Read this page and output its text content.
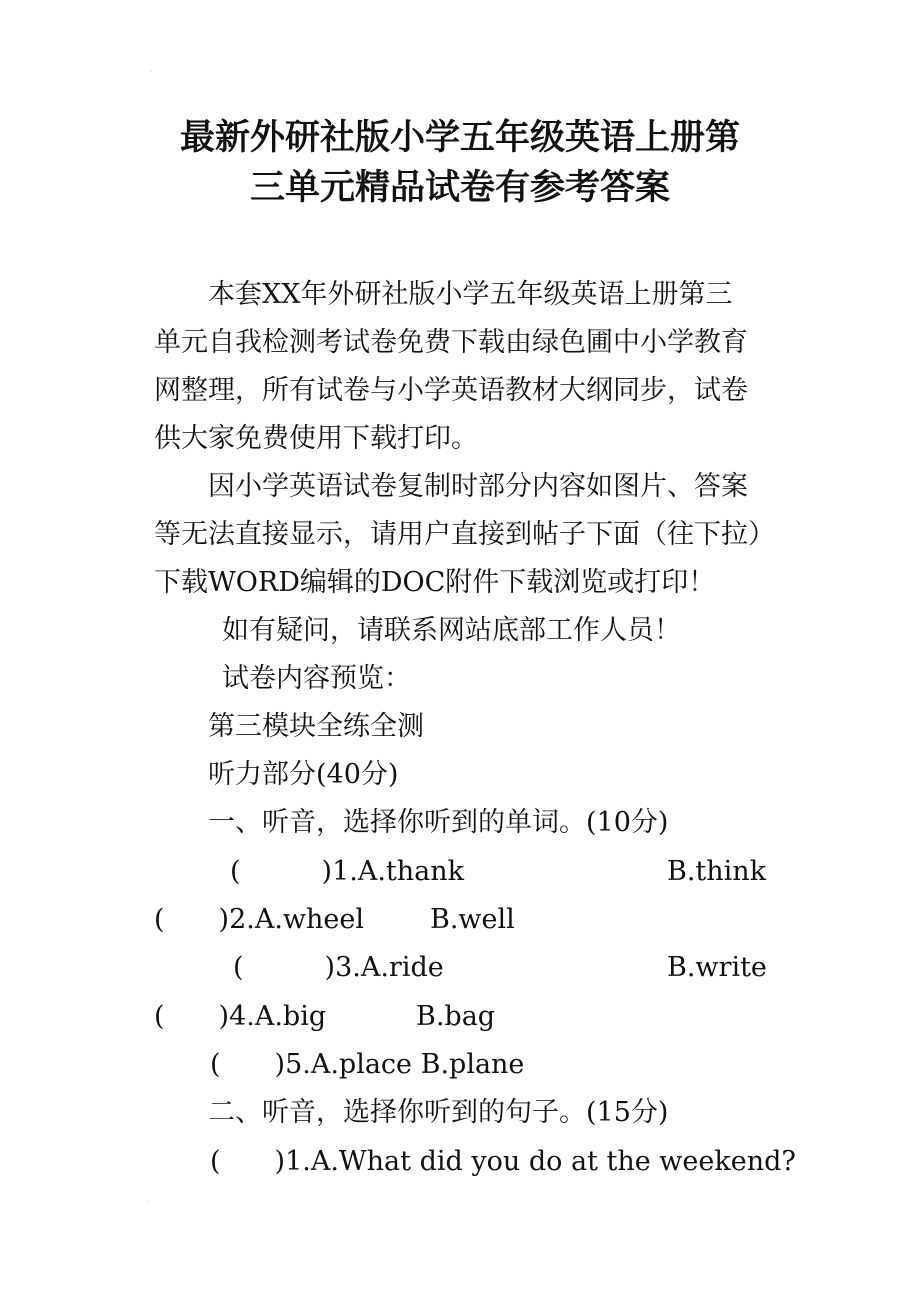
⸱
⸱
最新外研社版小学五年级英语上册第
三单元精品试卷有参考答案
本套XX年外研社版小学五年级英语上册第三
单元自我检测考试卷免费下载由绿色圃中小学教育
网整理，所有试卷与小学英语教材大纲同步，试卷
供大家免费使用下载打印。
因小学英语试卷复制时部分内容如图片、答案
等无法直接显示，请用户直接到帖子下面（往下拉）
下载WORD编辑的DOC附件下载浏览或打印！
如有疑问，请联系网站底部工作人员！
试卷内容预览：
第三模块全练全测
听力部分(40分)
一、听音，选择你听到的单词。(10分)
(　　　)1.A.thank	B.think
(　　)2.A.wheel B.well
(　　　)3.A.ride	B.write
(　　)4.A.big	B.bag
(　　)5.A.place B.plane
二、听音，选择你听到的句子。(15分)
(　　)1.A.What did you do at the weekend?
